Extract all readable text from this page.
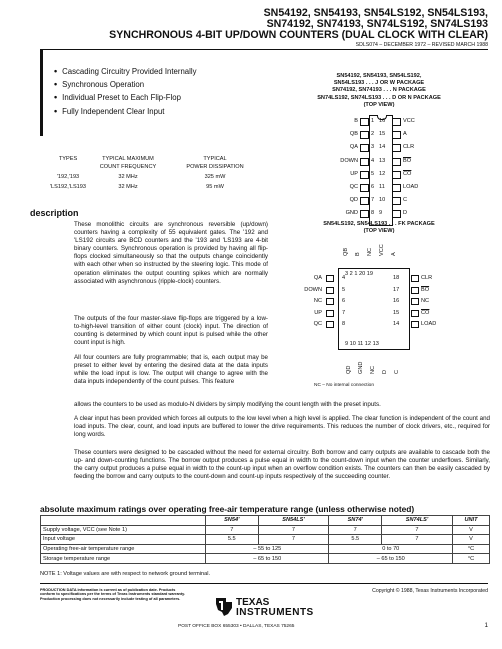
SN54192, SN54193, SN54LS192, SN54LS193,
SN74192, SN74193, SN74LS192, SN74LS193
SYNCHRONOUS 4-BIT UP/DOWN COUNTERS (DUAL CLOCK WITH CLEAR)
SDLS074 – DECEMBER 1972 – REVISED MARCH 1988
• Cascading Circuitry Provided Internally
• Synchronous Operation
• Individual Preset to Each Flip-Flop
• Fully Independent Clear Input
TYPES	TYPICAL MAXIMUM
COUNT FREQUENCY
TYPICAL
POWER DISSIPATION
'192,'193	32 MHz	325 mW
'LS192,'LS193	32 MHz	95 mW
description
These monolithic circuits are synchronous reversible (up/down) counters having a complexity of 55 equivalent gates. The '192 and 'LS192 circuits are BCD counters and the '193 and 'LS193 are 4-bit binary counters. Synchronous operation is provided by having all flip-flops clocked simultaneously so that the outputs change coincidently with each other when so instructed by the steering logic. This mode of operation eliminates the output counting spikes which are normally associated with asynchronous (ripple-clock) counters.
The outputs of the four master-slave flip-flops are triggered by a low-to-high-level transition of either count (clock) input. The direction of counting is determined by which count input is pulsed while the other count input is high.
All four counters are fully programmable; that is, each output may be preset to either level by entering the desired data at the data inputs while the load input is low. The output will change to agree with the data inputs independently of the count pulses. This feature
allows the counters to be used as modulo-N dividers by simply modifying the count length with the preset inputs.
A clear input has been provided which forces all outputs to the low level when a high level is applied. The clear function is independent of the count and load inputs. The clear, count, and load inputs are buffered to lower the drive requirements. This reduces the number of clock drivers, etc., required for long words.
These counters were designed to be cascaded without the need for external circuitry. Both borrow and carry outputs are available to cascade both the up- and down-counting functions. The borrow output produces a pulse equal in width to the count-down input when the counter underflows. Similarly, the carry output produces a pulse equal in width to the count-up input when an overflow condition exists. The counters can then be easily cascaded by feeding the borrow and carry outputs to the count-down and count-up inputs respectively of the succeeding counter.
SN54192, SN54193, SN54LS192,
SN54LS193 . . . J OR W PACKAGE
SN74192, SN74193 . . . N PACKAGE
SN74LS192, SN74LS193 . . . D OR N PACKAGE
(TOP VIEW)
B 1
QB 2
QA 3
DOWN 4
UP 5
QC 6
QD 7
GND 8
16	VCC
15	A
14	CLR
13	$\overline{BO}$
12	$\overline{CO}$
11	LOAD
10	C
9	D
SN54LS192, SN54LS193 . . . FK PACKAGE
(TOP VIEW)
3 2 1 20 19
9 10 11 12 13
QB B NC VCC A
QA	4
DOWN	5
NC	6
UP	7
QC	8
18	CLR
17	$\overline{BO}$
16	NC
15	$\overline{CO}$
14	LOAD
QD GND NC D C
NC – No internal connection
absolute maximum ratings over operating free-air temperature range (unless otherwise noted)
	SN54'	SN54LS'	SN74'	SN74LS'	UNIT
Supply voltage, VCC (see Note 1)	7	7	7	7	V
Input voltage	5.5	7	5.5	7	V
Operating free-air temperature range	– 55 to 125		0 to 70		°C
Storage temperature range	– 65 to 150		– 65 to 150		°C
NOTE 1: Voltage values are with respect to network ground terminal.
PRODUCTION DATA information is current as of publication date. Products conform to specifications per the terms of Texas Instruments standard warranty. Production processing does not necessarily include testing of all parameters.
Copyright © 1988, Texas Instruments Incorporated
TEXAS
INSTRUMENTS
POST OFFICE BOX 655303 • DALLAS, TEXAS 75265	1
